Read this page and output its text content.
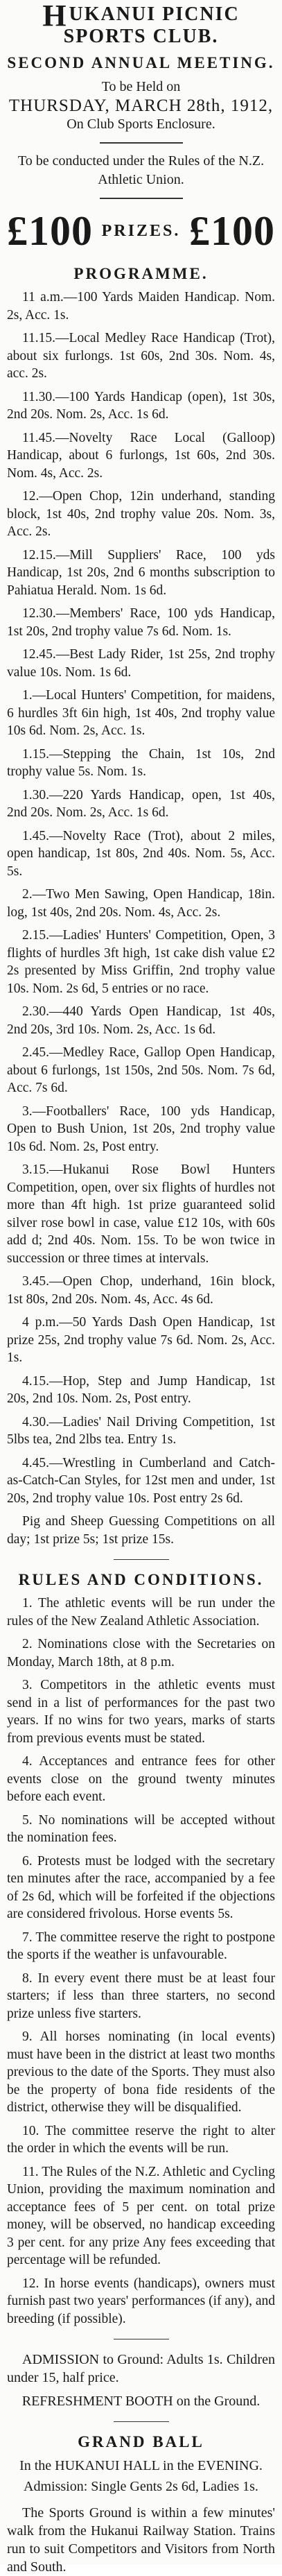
HUKANUI PICNIC SPORTS CLUB.
SECOND ANNUAL MEETING.
To be Held on
THURSDAY, MARCH 28th, 1912,
On Club Sports Enclosure.
To be conducted under the Rules of the N.Z. Athletic Union.
£100 PRIZES. £100
PROGRAMME.
11 a.m.—100 Yards Maiden Handicap. Nom. 2s, Acc. 1s.
11.15.—Local Medley Race Handicap (Trot), about six furlongs. 1st 60s, 2nd 30s. Nom. 4s, acc. 2s.
11.30.—100 Yards Handicap (open), 1st 30s, 2nd 20s. Nom. 2s, Acc. 1s 6d.
11.45.—Novelty Race Local (Galloop) Handicap, about 6 furlongs, 1st 60s, 2nd 30s. Nom. 4s, Acc. 2s.
12.—Open Chop, 12in underhand, standing block, 1st 40s, 2nd trophy value 20s. Nom. 3s, Acc. 2s.
12.15.—Mill Suppliers' Race, 100 yds Handicap, 1st 20s, 2nd 6 months subscription to Pahiatua Herald. Nom. 1s 6d.
12.30.—Members' Race, 100 yds Handicap, 1st 20s, 2nd trophy value 7s 6d. Nom. 1s.
12.45.—Best Lady Rider, 1st 25s, 2nd trophy value 10s. Nom. 1s 6d.
1.—Local Hunters' Competition, for maidens, 6 hurdles 3ft 6in high, 1st 40s, 2nd trophy value 10s 6d. Nom. 2s, Acc. 1s.
1.15.—Stepping the Chain, 1st 10s, 2nd trophy value 5s. Nom. 1s.
1.30.—220 Yards Handicap, open, 1st 40s, 2nd 20s. Nom. 2s, Acc. 1s 6d.
1.45.—Novelty Race (Trot), about 2 miles, open handicap, 1st 80s, 2nd 40s. Nom. 5s, Acc. 5s.
2.—Two Men Sawing, Open Handicap, 18in. log, 1st 40s, 2nd 20s. Nom. 4s, Acc. 2s.
2.15.—Ladies' Hunters' Competition, Open, 3 flights of hurdles 3ft high, 1st cake dish value £2 2s presented by Miss Griffin, 2nd trophy value 10s. Nom. 2s 6d, 5 entries or no race.
2.30.—440 Yards Open Handicap, 1st 40s, 2nd 20s, 3rd 10s. Nom. 2s, Acc. 1s 6d.
2.45.—Medley Race, Gallop Open Handicap, about 6 furlongs, 1st 150s, 2nd 50s. Nom. 7s 6d, Acc. 7s 6d.
3.—Footballers' Race, 100 yds Handicap, Open to Bush Union, 1st 20s, 2nd trophy value 10s 6d. Nom. 2s, Post entry.
3.15.—Hukanui Rose Bowl Hunters Competition, open, over six flights of hurdles not more than 4ft high. 1st prize guaranteed solid silver rose bowl in case, value £12 10s, with 60s add d; 2nd 40s. Nom. 15s. To be won twice in succession or three times at intervals.
3.45.—Open Chop, underhand, 16in block, 1st 80s, 2nd 20s. Nom. 4s, Acc. 4s 6d.
4 p.m.—50 Yards Dash Open Handicap, 1st prize 25s, 2nd trophy value 7s 6d. Nom. 2s, Acc. 1s.
4.15.—Hop, Step and Jump Handicap, 1st 20s, 2nd 10s. Nom. 2s, Post entry.
4.30.—Ladies' Nail Driving Competition, 1st 5lbs tea, 2nd 2lbs tea. Entry 1s.
4.45.—Wrestling in Cumberland and Catch-as-Catch-Can Styles, for 12st men and under, 1st 20s, 2nd trophy value 10s. Post entry 2s 6d.
Pig and Sheep Guessing Competitions on all day; 1st prize 5s; 1st prize 15s.
RULES AND CONDITIONS.
1. The athletic events will be run under the rules of the New Zealand Athletic Association.
2. Nominations close with the Secretaries on Monday, March 18th, at 8 p.m.
3. Competitors in the athletic events must send in a list of performances for the past two years. If no wins for two years, marks of starts from previous events must be stated.
4. Acceptances and entrance fees for other events close on the ground twenty minutes before each event.
5. No nominations will be accepted without the nomination fees.
6. Protests must be lodged with the secretary ten minutes after the race, accompanied by a fee of 2s 6d, which will be forfeited if the objections are considered frivolous. Horse events 5s.
7. The committee reserve the right to postpone the sports if the weather is unfavourable.
8. In every event there must be at least four starters; if less than three starters, no second prize unless five starters.
9. All horses nominating (in local events) must have been in the district at least two months previous to the date of the Sports. They must also be the property of bona fide residents of the district, otherwise they will be disqualified.
10. The committee reserve the right to alter the order in which the events will be run.
11. The Rules of the N.Z. Athletic and Cycling Union, providing the maximum nomination and acceptance fees of 5 per cent. on total prize money, will be observed, no handicap exceeding 3 per cent. for any prize Any fees exceeding that percentage will be refunded.
12. In horse events (handicaps), owners must furnish past two years' performances (if any), and breeding (if possible).
ADMISSION to Ground: Adults 1s. Children under 15, half price.
REFRESHMENT BOOTH on the Ground.
GRAND BALL
In the HUKANUI HALL in the EVENING.
Admission: Single Gents 2s 6d, Ladies 1s.
The Sports Ground is within a few minutes' walk from the Hukanui Railway Station. Trains run to suit Competitors and Visitors from North and South.
